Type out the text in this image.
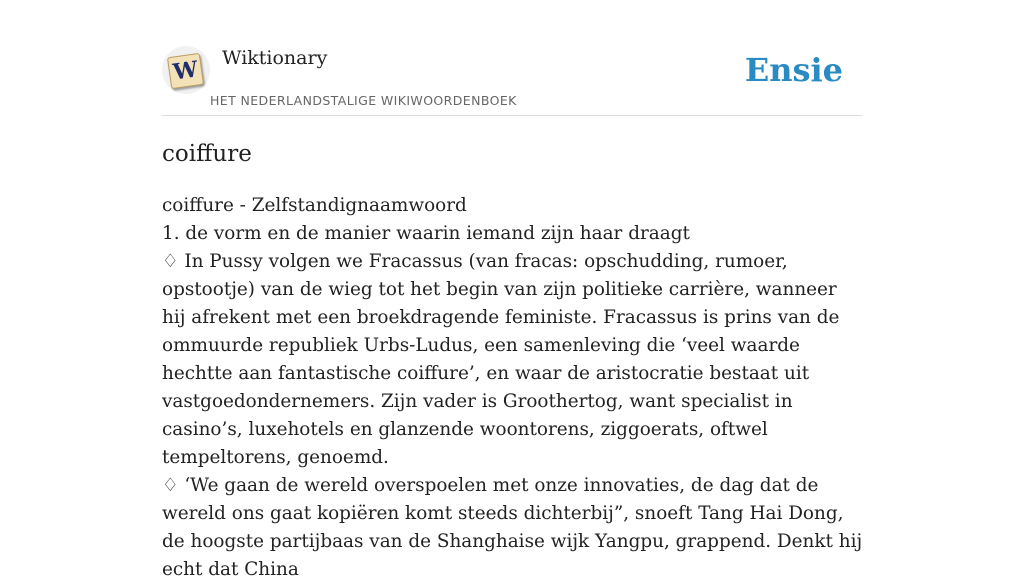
W Wiktionary
HET NEDERLANDSTALIGE WIKIWOORDENBOEK
Ensie
coiffure

coiffure - Zelfstandignaamwoord

1. de vorm en de manier waarin iemand zijn haar draagt

♢ In Pussy volgen we Fracassus (van fracas: opschudding, rumoer, opstootje) van de wieg tot het begin van zijn politieke carrière, wanneer hij afrekent met een broekdragende feministe. Fracassus is prins van de ommuurde republiek Urbs-Ludus, een samenleving die ‘veel waarde hechtte aan fantastische coiffure’, en waar de aristocratie bestaat uit vastgoedondernemers. Zijn vader is Groothertog, want specialist in casino’s, luxehotels en glanzende woontorens, ziggoerats, oftwel tempeltorens, genoemd.

♢ ‘We gaan de wereld overspoelen met onze innovaties, de dag dat de wereld ons gaat kopiëren komt steeds dichterbij”, snoeft Tang Hai Dong, de hoogste partijbaas van de Shanghaise wijk Yangpu, grappend. Denkt hij echt dat China
